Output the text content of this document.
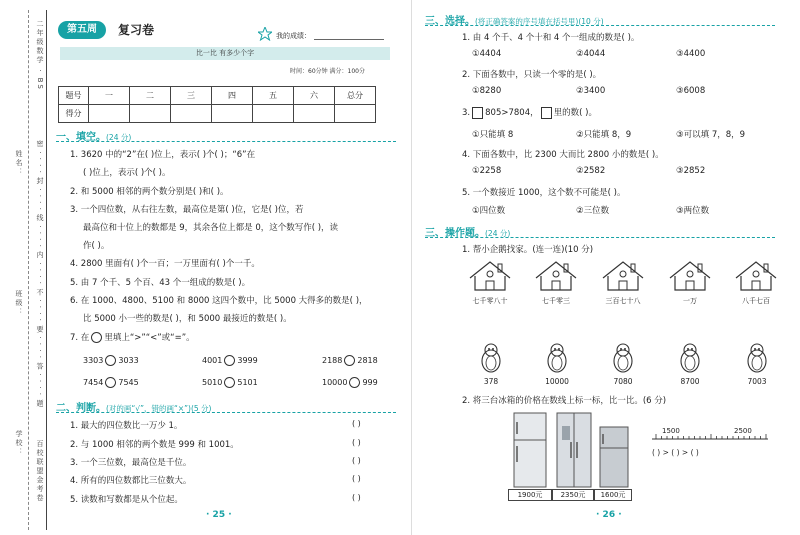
二年级数学 · BS
姓名：
班级：
学校：
密 · · · · 封 · · · · 线 · · · · 内 · · · · 不 · · · · 要 · · · · 答 · · · · 题
百校联盟金考卷
第五周	复习卷	我的成绩：
比一比 有多少个字
时间：60分钟 满分：100分
题号	一	二	三	四	五	六	总分
得分							
一、填空。(24 分)
1. 3620 中的“2”在( )位上，表示( )个( )；“6”在
( )位上，表示( )个( )。
2. 和 5000 相邻的两个数分别是( )和( )。
3. 一个四位数，从右往左数，最高位是第( )位，它是( )位，若
最高位和十位上的数都是 9，其余各位上都是 0，这个数写作( )，读
作( )。
4. 2800 里面有( )个一百；一万里面有( )个一千。
5. 由 7 个千、5 个百、43 个一组成的数是( )。
6. 在 1000、4800、5100 和 8000 这四个数中，比 5000 大得多的数是( )，
比 5000 小一些的数是( )，和 5000 最接近的数是( )。
7. 在 里填上“>”“<”或“=”。
3303 3033	4001 3999	2188 2818
7454 7545	5010 5101	10000 999
二、判断。(对的画“√”，错的画“×”)(5 分)
1. 最大的四位数比一万少 1。	( )
2. 与 1000 相邻的两个数是 999 和 1001。	( )
3. 一个三位数，最高位是千位。	( )
4. 所有的四位数都比三位数大。	( )
5. 读数和写数都是从个位起。	( )
· 25 ·
三、选择。(将正确答案的序号填在括号里)(10 分)
1. 由 4 个千、4 个十和 4 个一组成的数是( )。
①4404	②4044	③4400
2. 下面各数中，只读一个零的是( )。
①8280	②3400	③6008
3. 805>7804， 里的数( )。
①只能填 8	②只能填 8，9	③可以填 7，8，9
4. 下面各数中，比 2300 大而比 2800 小的数是( )。
①2258	②2582	③2852
5. 一个数接近 1000，这个数不可能是( )。
①四位数	②三位数	③两位数
三、操作题。(24 分)
1. 帮小企鹅找家。(连一连)(10 分)
七千零八十	七千零三	三百七十八	一万	八千七百
378	10000	7080	8700	7003
2. 将三台冰箱的价格在数线上标一标，比一比。(6 分)
1900元	2350元	1600元
1500	2500
( ) > ( ) > ( )
· 26 ·
